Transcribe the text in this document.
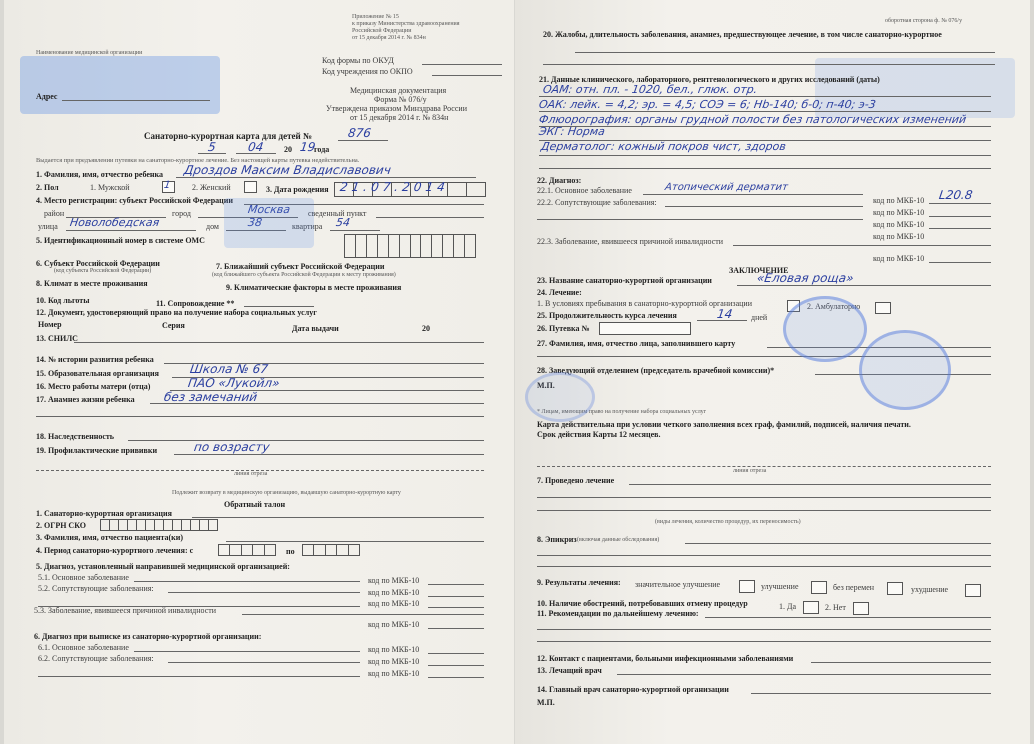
Наименование медицинской организации
Адрес
Приложение № 15
к приказу Министерства здравоохранения
Российской Федерации
от 15 декабря 2014 г. № 834н
Код формы по ОКУД
Код учреждения по ОКПО
Медицинская документация
Форма № 076/у
Утверждена приказом Минздрава России
от 15 декабря 2014 г. № 834н
Санаторно-курортная карта для детей №	876
5	04 20 19
года
Выдается при предъявлении путевки на санаторно-курортное лечение. Без настоящей карты путевка недействительна.
1. Фамилия, имя, отчество ребенка Дроздов Максим Владиславович
2. Пол	1. Мужской	1	2. Женский	3. Дата рождения 21.07.2014
4. Место регистрации: субъект Российской Федерации
район	город	Москва сведенный пункт
улица Новолобедская	дом	38	квартира 54
5. Идентификационный номер в системе ОМС
6. Субъект Российской Федерации
(код субъекта Российской Федерации)	7. Ближайший субъект Российской Федерации
(код ближайшего субъекта Российской Федерации к месту проживания)
8. Климат в месте проживания	9. Климатические факторы в месте проживания
10. Код льготы	11. Сопровождение **
12. Документ, удостоверяющий право на получение набора социальных услуг
Номер	Серия	Дата выдачи	20
13. СНИЛС
14. № истории развития ребенка
15. Образовательная организация	Школа № 67
16. Место работы матери (отца)	ПАО «Лукойл»
17. Анамнез жизни ребенка без замечаний
18. Наследственность
19. Профилактические прививки	по возрасту
линия отреза
Подлежит возврату в медицинскую организацию, выдавшую санаторно-курортную карту
Обратный талон
1. Санаторно-курортная организация
2. ОГРН СКО
3. Фамилия, имя, отчество пациента(ки)
4. Период санаторно-курортного лечения: с	по
5. Диагноз, установленный направившей медицинской организацией:
5.1. Основное заболевание	код по МКБ-10
5.2. Сопутствующие заболевания:	код по МКБ-10
код по МКБ-10
5.3. Заболевание, явившееся причиной инвалидности
код по МКБ-10
6. Диагноз при выписке из санаторно-курортной организации:
6.1. Основное заболевание	код по МКБ-10
6.2. Сопутствующие заболевания:	код по МКБ-10
код по МКБ-10
оборотная сторона ф. № 076/у
20. Жалобы, длительность заболевания, анамнез, предшествующее лечение, в том числе санаторно-курортное
21. Данные клинического, лабораторного, рентгенологического и других исследований (даты)
ОАМ: отн. пл. - 1020, бел., глюк. отр.
ОАК: лейк. = 4,2; эр. = 4,5; СОЭ = 6; Нb-140; б-0; п-40; э-3
Флюорография: органы грудной полости без патологических изменений
ЭКГ: Норма
Дерматолог: кожный покров чист, здоров
22. Диагноз:
22.1. Основное заболевание	Атопический дерматит
22.2. Сопутствующие заболевания:	код по МКБ-10 L20.8
код по МКБ-10
код по МКБ-10
22.3. Заболевание, явившееся причиной инвалидности
код по МКБ-10
код по МКБ-10
ЗАКЛЮЧЕНИЕ
23. Название санаторно-курортной организации	«Еловая роща»
24. Лечение:
1. В условиях пребывания в санаторно-курортной организации	2. Амбулаторно
25. Продолжительность курса лечения	14 дней
26. Путевка №
27. Фамилия, имя, отчество лица, заполнившего карту
28. Заведующий отделением (председатель врачебной комиссии)*
М.П.
* Лицам, имеющим право на получение набора социальных услуг
Карта действительна при условии четкого заполнения всех граф, фамилий, подписей, наличия печати.
Срок действия Карты 12 месяцев.
линия отреза
7. Проведено лечение
(виды лечения, количество процедур, их переносимость)
8. Эпикриз (включая данные обследования)
9. Результаты лечения: значительное улучшение	улучшение	без перемен	ухудшение
10. Наличие обострений, потребовавших отмену процедур	1. Да	2. Нет
11. Рекомендации по дальнейшему лечению:
12. Контакт с пациентами, больными инфекционными заболеваниями
13. Лечащий врач
14. Главный врач санаторно-курортной организации
М.П.
